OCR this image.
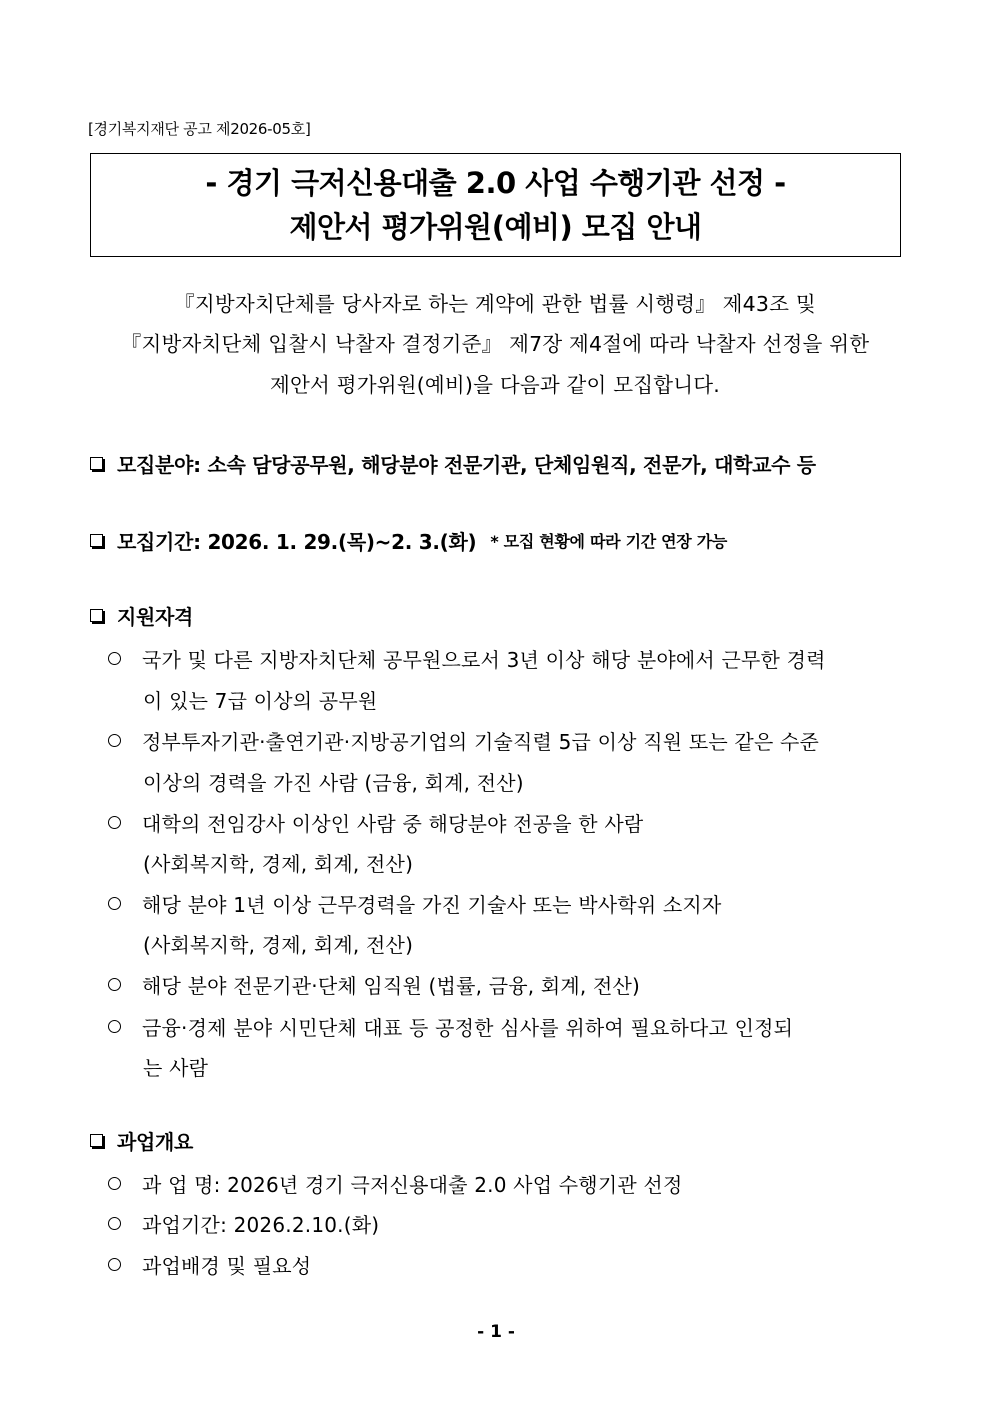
[경기복지재단 공고 제2026-05호]
- 경기 극저신용대출 2.0 사업 수행기관 선정 -
제안서 평가위원(예비) 모집 안내
『지방자치단체를 당사자로 하는 계약에 관한 법률 시행령』 제43조 및
『지방자치단체 입찰시 낙찰자 결정기준』 제7장 제4절에 따라 낙찰자 선정을 위한
제안서 평가위원(예비)을 다음과 같이 모집합니다.
모집분야: 소속 담당공무원, 해당분야 전문기관, 단체임원직, 전문가, 대학교수 등
모집기간: 2026. 1. 29.(목)~2. 3.(화) * 모집 현황에 따라 기간 연장 가능
지원자격
국가 및 다른 지방자치단체 공무원으로서 3년 이상 해당 분야에서 근무한 경력
이 있는 7급 이상의 공무원
정부투자기관·출연기관·지방공기업의 기술직렬 5급 이상 직원 또는 같은 수준
이상의 경력을 가진 사람 (금융, 회계, 전산)
대학의 전임강사 이상인 사람 중 해당분야 전공을 한 사람
(사회복지학, 경제, 회계, 전산)
해당 분야 1년 이상 근무경력을 가진 기술사 또는 박사학위 소지자
(사회복지학, 경제, 회계, 전산)
해당 분야 전문기관·단체 임직원 (법률, 금융, 회계, 전산)
금융·경제 분야 시민단체 대표 등 공정한 심사를 위하여 필요하다고 인정되
는 사람
과업개요
과 업 명: 2026년 경기 극저신용대출 2.0 사업 수행기관 선정
과업기간: 2026.2.10.(화)
과업배경 및 필요성
- 1 -
